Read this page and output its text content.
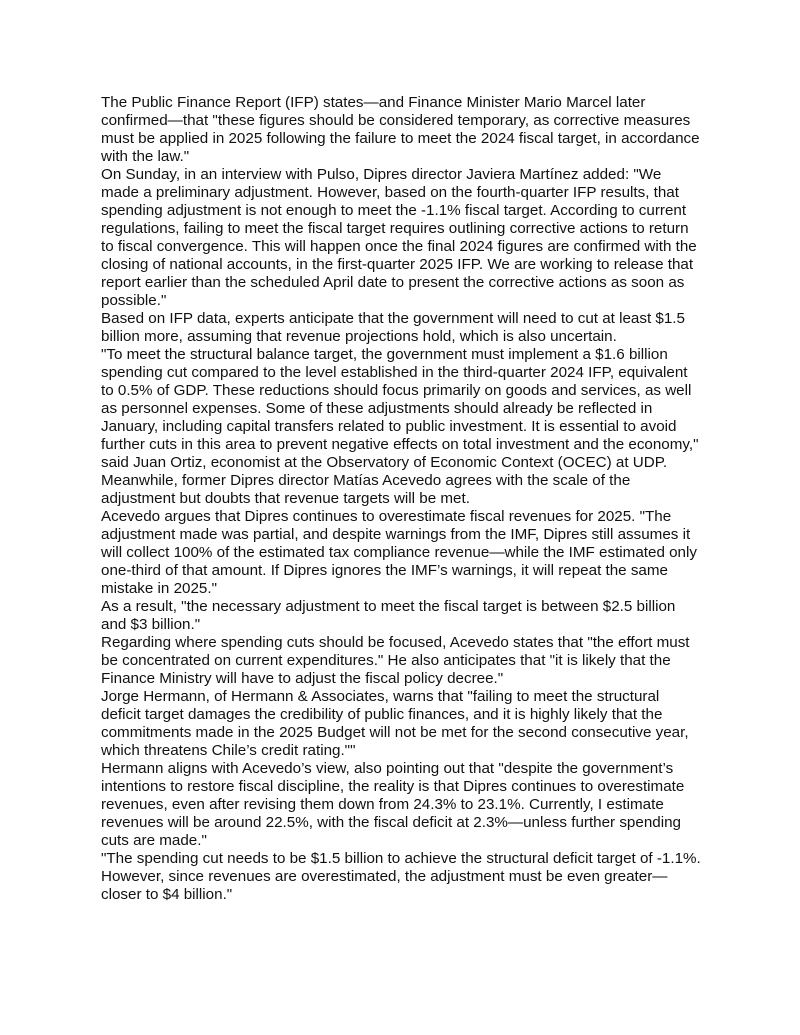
The Public Finance Report (IFP) states—and Finance Minister Mario Marcel later confirmed—that "these figures should be considered temporary, as corrective measures must be applied in 2025 following the failure to meet the 2024 fiscal target, in accordance with the law."

On Sunday, in an interview with Pulso, Dipres director Javiera Martínez added: "We made a preliminary adjustment. However, based on the fourth-quarter IFP results, that spending adjustment is not enough to meet the -1.1% fiscal target. According to current regulations, failing to meet the fiscal target requires outlining corrective actions to return to fiscal convergence. This will happen once the final 2024 figures are confirmed with the closing of national accounts, in the first-quarter 2025 IFP. We are working to release that report earlier than the scheduled April date to present the corrective actions as soon as possible."

Based on IFP data, experts anticipate that the government will need to cut at least $1.5 billion more, assuming that revenue projections hold, which is also uncertain.

"To meet the structural balance target, the government must implement a $1.6 billion spending cut compared to the level established in the third-quarter 2024 IFP, equivalent to 0.5% of GDP. These reductions should focus primarily on goods and services, as well as personnel expenses. Some of these adjustments should already be reflected in January, including capital transfers related to public investment. It is essential to avoid further cuts in this area to prevent negative effects on total investment and the economy," said Juan Ortiz, economist at the Observatory of Economic Context (OCEC) at UDP.

Meanwhile, former Dipres director Matías Acevedo agrees with the scale of the adjustment but doubts that revenue targets will be met.

Acevedo argues that Dipres continues to overestimate fiscal revenues for 2025. "The adjustment made was partial, and despite warnings from the IMF, Dipres still assumes it will collect 100% of the estimated tax compliance revenue—while the IMF estimated only one-third of that amount. If Dipres ignores the IMF’s warnings, it will repeat the same mistake in 2025."

As a result, "the necessary adjustment to meet the fiscal target is between $2.5 billion and $3 billion."

Regarding where spending cuts should be focused, Acevedo states that "the effort must be concentrated on current expenditures." He also anticipates that "it is likely that the Finance Ministry will have to adjust the fiscal policy decree."

Jorge Hermann, of Hermann & Associates, warns that "failing to meet the structural deficit target damages the credibility of public finances, and it is highly likely that the commitments made in the 2025 Budget will not be met for the second consecutive year, which threatens Chile’s credit rating.""

Hermann aligns with Acevedo’s view, also pointing out that "despite the government’s intentions to restore fiscal discipline, the reality is that Dipres continues to overestimate revenues, even after revising them down from 24.3% to 23.1%. Currently, I estimate revenues will be around 22.5%, with the fiscal deficit at 2.3%—unless further spending cuts are made."

"The spending cut needs to be $1.5 billion to achieve the structural deficit target of -1.1%. However, since revenues are overestimated, the adjustment must be even greater—closer to $4 billion."
